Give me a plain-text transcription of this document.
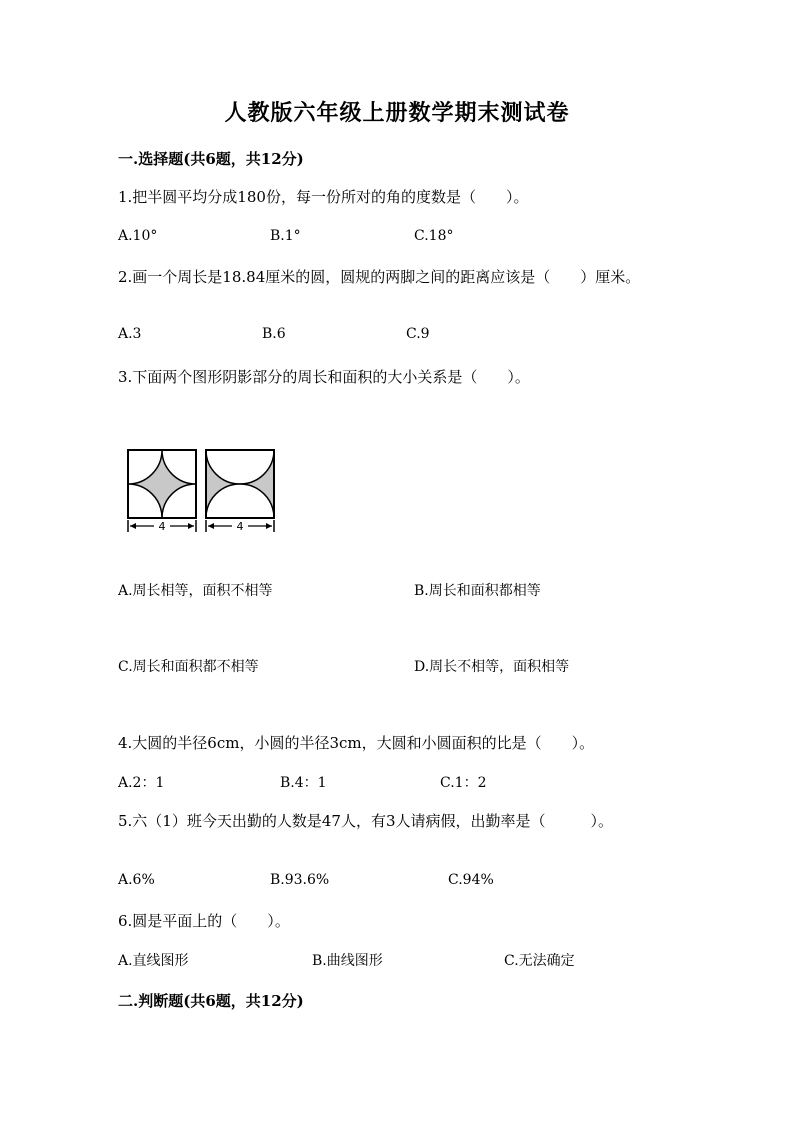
人教版六年级上册数学期末测试卷
一.选择题(共6题，共12分)
1.把半圆平均分成180份，每一份所对的角的度数是（　　）。
A.10°	B.1°	C.18°
2.画一个周长是18.84厘米的圆，圆规的两脚之间的距离应该是（　　）厘米。
A.3	B.6	C.9
3.下面两个图形阴影部分的周长和面积的大小关系是（　　）。
4	4
A.周长相等，面积不相等	B.周长和面积都相等
C.周长和面积都不相等	D.周长不相等，面积相等
4.大圆的半径6cm，小圆的半径3cm，大圆和小圆面积的比是（　　）。
A.2：1	B.4：1	C.1：2
5.六（1）班今天出勤的人数是47人，有3人请病假，出勤率是（　　　）。
A.6%	B.93.6%	C.94%
6.圆是平面上的（　　）。
A.直线图形	B.曲线图形	C.无法确定
二.判断题(共6题，共12分)
